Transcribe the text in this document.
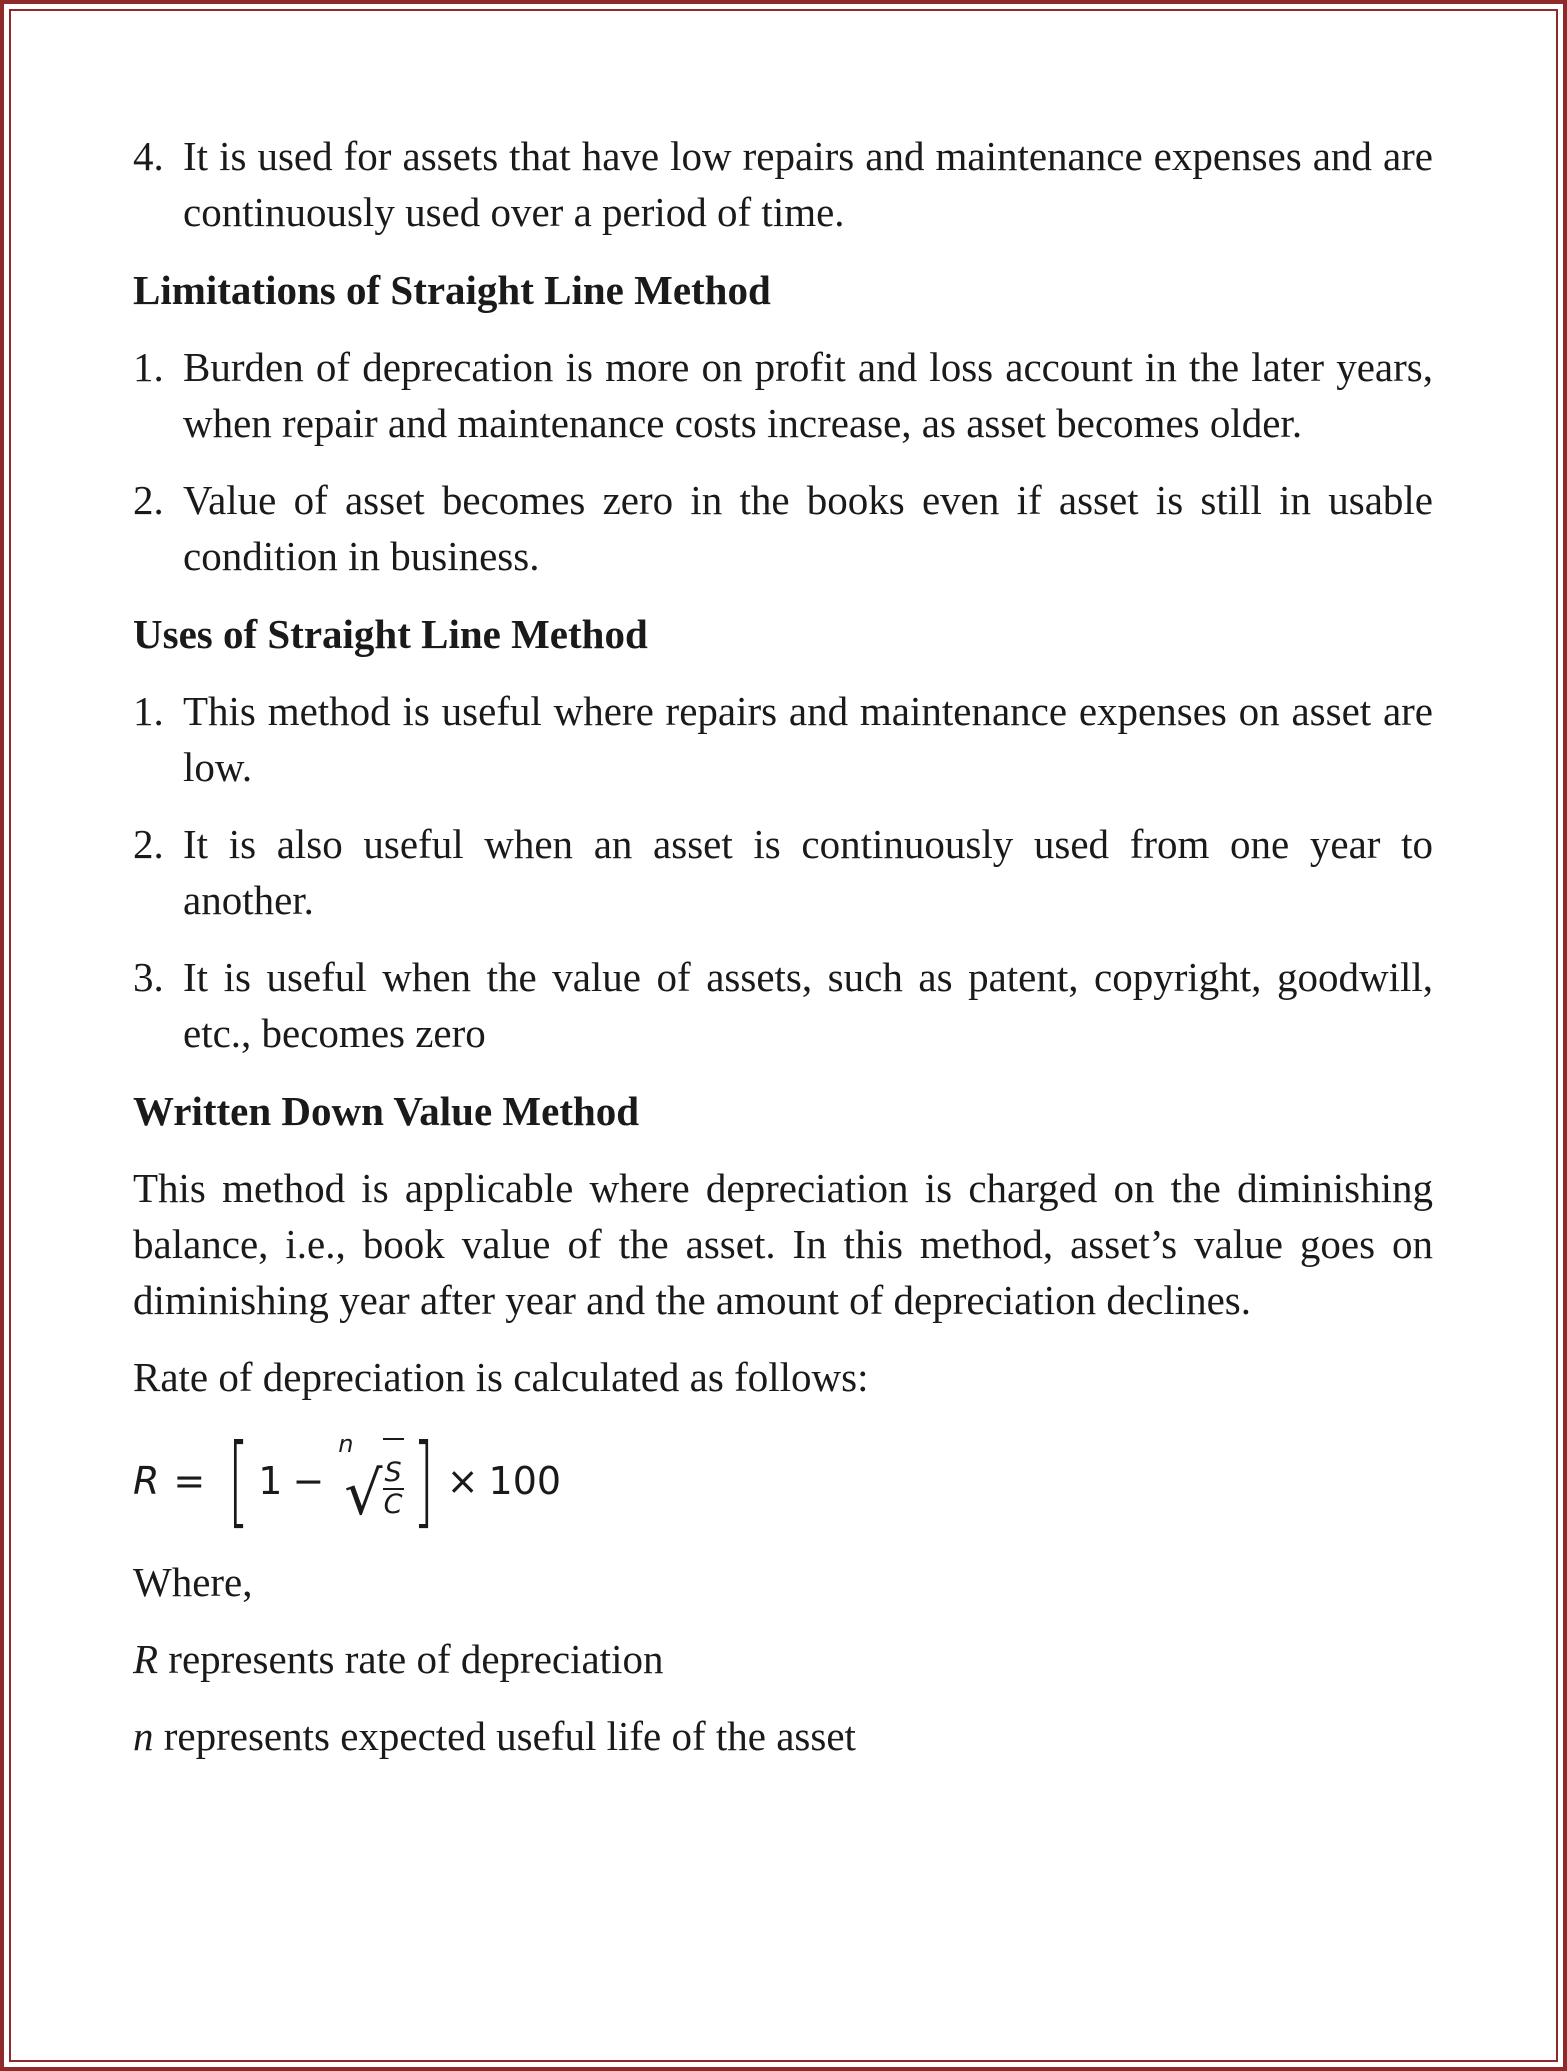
4. It is used for assets that have low repairs and maintenance expenses and are continuously used over a period of time.
Limitations of Straight Line Method
1. Burden of deprecation is more on profit and loss account in the later years, when repair and maintenance costs increase, as asset becomes older.
2. Value of asset becomes zero in the books even if asset is still in usable condition in business.
Uses of Straight Line Method
1. This method is useful where repairs and maintenance expenses on asset are low.
2. It is also useful when an asset is continuously used from one year to another.
3. It is useful when the value of assets, such as patent, copyright, goodwill, etc., becomes zero
Written Down Value Method
This method is applicable where depreciation is charged on the diminishing balance, i.e., book value of the asset. In this method, asset’s value goes on diminishing year after year and the amount of depreciation declines.
Rate of depreciation is calculated as follows:
R = [ 1 −
n
√ $\frac{S}{C}$ ] × 100
Where,
R represents rate of depreciation
n represents expected useful life of the asset
